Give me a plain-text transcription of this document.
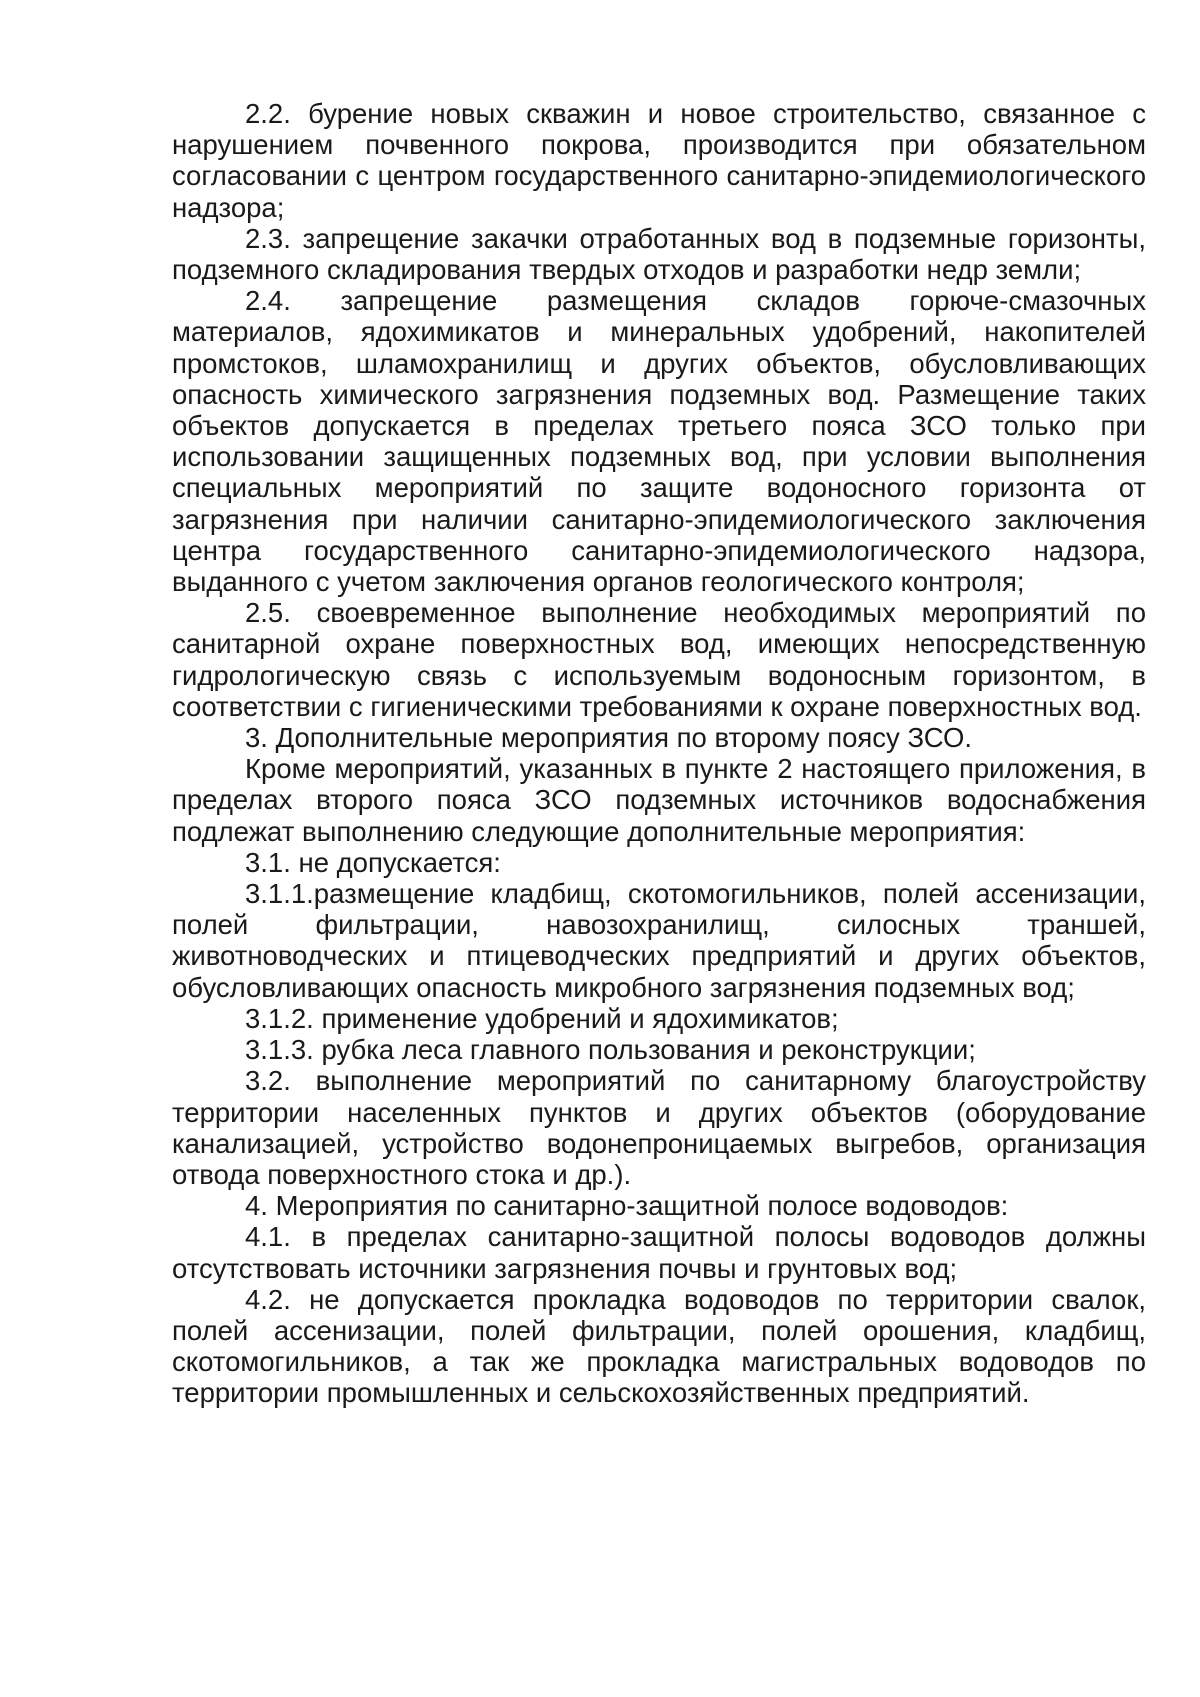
2.2. бурение новых скважин и новое строительство, связанное с нарушением почвенного покрова, производится при обязательном согласовании с центром государственного санитарно-эпидемиологического надзора;

2.3. запрещение закачки отработанных вод в подземные горизонты, подземного складирования твердых отходов и разработки недр земли;

2.4. запрещение размещения складов горюче-смазочных материалов, ядохимикатов и минеральных удобрений, накопителей промстоков, шламохранилищ и других объектов, обусловливающих опасность химического загрязнения подземных вод. Размещение таких объектов допускается в пределах третьего пояса ЗСО только при использовании защищенных подземных вод, при условии выполнения специальных мероприятий по защите водоносного горизонта от загрязнения при наличии санитарно-эпидемиологического заключения центра государственного санитарно-эпидемиологического надзора, выданного с учетом заключения органов геологического контроля;

2.5. своевременное выполнение необходимых мероприятий по санитарной охране поверхностных вод, имеющих непосредственную гидрологическую связь с используемым водоносным горизонтом, в соответствии с гигиеническими требованиями к охране поверхностных вод.

3. Дополнительные мероприятия по второму поясу ЗСО.

Кроме мероприятий, указанных в пункте 2 настоящего приложения, в пределах второго пояса ЗСО подземных источников водоснабжения подлежат выполнению следующие дополнительные мероприятия:

3.1. не допускается:

3.1.1.размещение кладбищ, скотомогильников, полей ассенизации, полей фильтрации, навозохранилищ, силосных траншей, животноводческих и птицеводческих предприятий и других объектов, обусловливающих опасность микробного загрязнения подземных вод;

3.1.2. применение удобрений и ядохимикатов;

3.1.3. рубка леса главного пользования и реконструкции;

3.2. выполнение мероприятий по санитарному благоустройству территории населенных пунктов и других объектов (оборудование канализацией, устройство водонепроницаемых выгребов, организация отвода поверхностного стока и др.).

4. Мероприятия по санитарно-защитной полосе водоводов:

4.1. в пределах санитарно-защитной полосы водоводов должны отсутствовать источники загрязнения почвы и грунтовых вод;

4.2. не допускается прокладка водоводов по территории свалок, полей ассенизации, полей фильтрации, полей орошения, кладбищ, скотомогильников, а так же прокладка магистральных водоводов по территории промышленных и сельскохозяйственных предприятий.
